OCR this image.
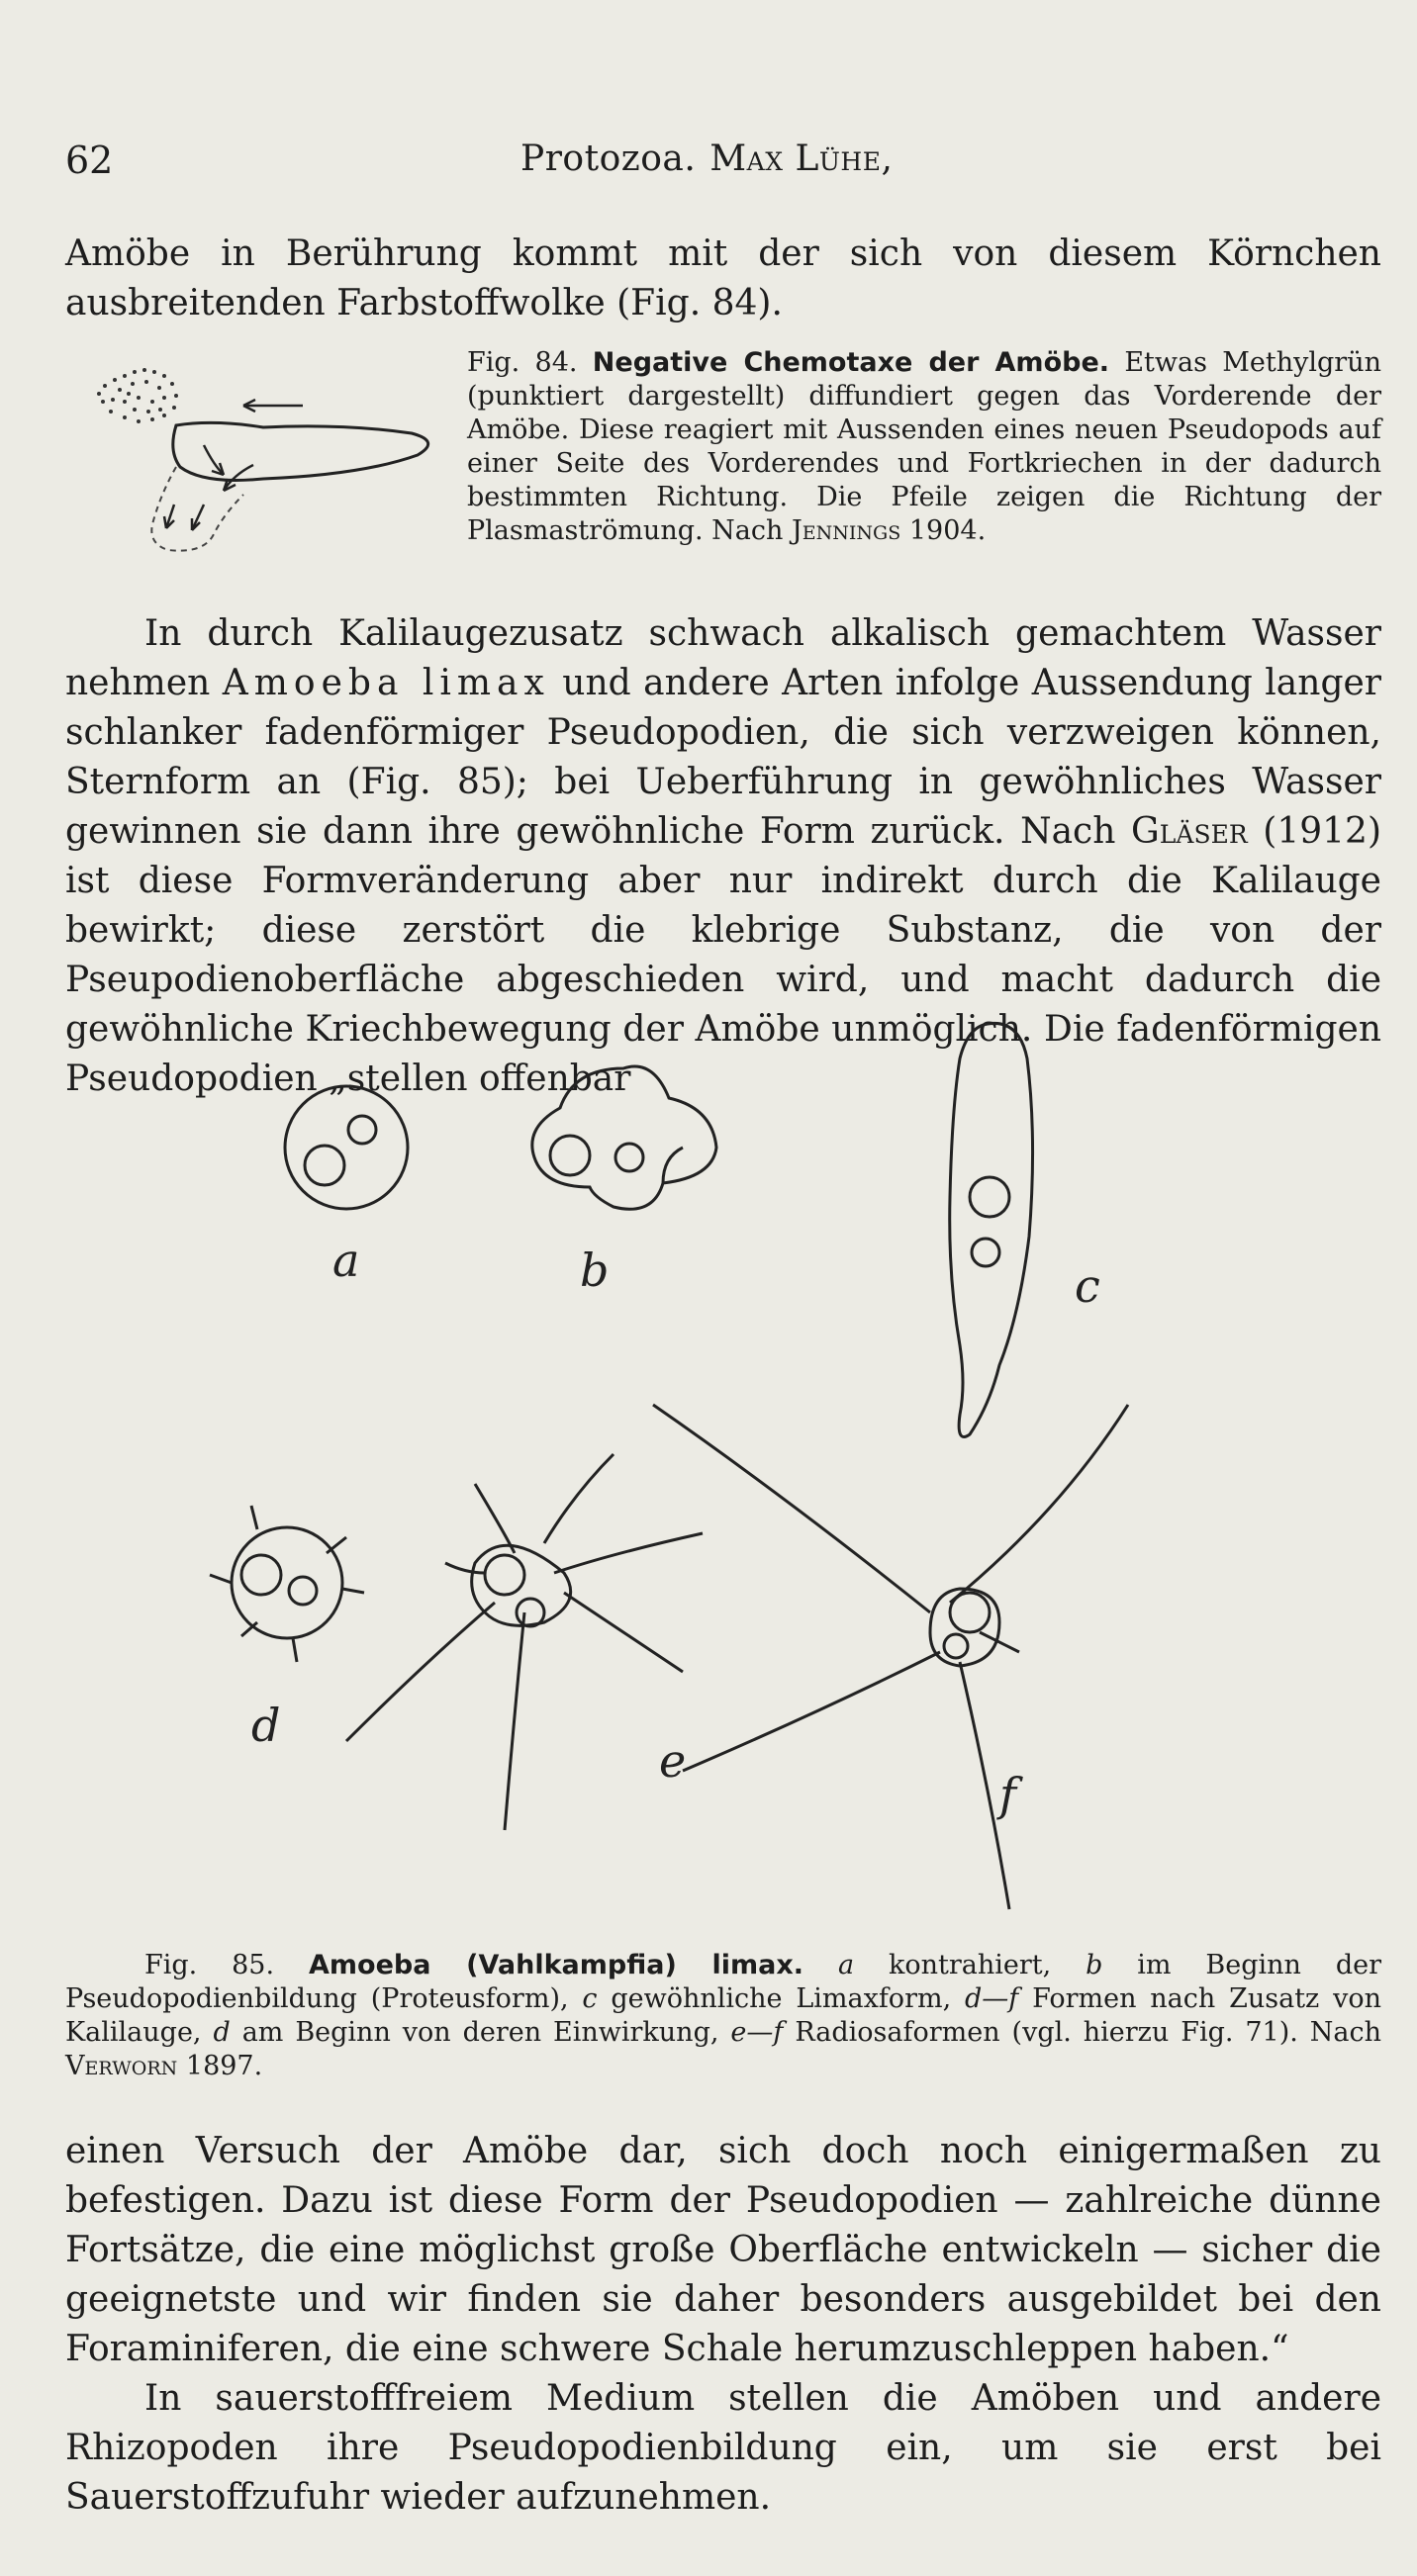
62	Protozoa. Max Lühe,

Amöbe in Berührung kommt mit der sich von diesem Körnchen ausbreitenden Farbstoffwolke (Fig. 84).

Fig. 84. Negative Chemotaxe der Amöbe. Etwas Methylgrün (punktiert dargestellt) diffundiert gegen das Vorderende der Amöbe. Diese reagiert mit Aussenden eines neuen Pseudopods auf einer Seite des Vorderendes und Fortkriechen in der dadurch bestimmten Richtung. Die Pfeile zeigen die Richtung der Plasmaströmung. Nach Jennings 1904.

In durch Kalilaugezusatz schwach alkalisch gemachtem Wasser nehmen Amoeba limax und andere Arten infolge Aussendung langer schlanker fadenförmiger Pseudopodien, die sich verzweigen können, Sternform an (Fig. 85); bei Ueberführung in gewöhnliches Wasser gewinnen sie dann ihre gewöhnliche Form zurück. Nach Gläser (1912) ist diese Formveränderung aber nur indirekt durch die Kalilauge bewirkt; diese zerstört die klebrige Substanz, die von der Pseupodienoberfläche abgeschieden wird, und macht dadurch die gewöhnliche Kriechbewegung der Amöbe unmöglich. Die fadenförmigen Pseudopodien „stellen offenbar

a	b	c
d
e
f
Fig. 85. Amoeba (Vahlkampfia) limax. a kontrahiert, b im Beginn der Pseudopodienbildung (Proteusform), c gewöhnliche Limaxform, d—f Formen nach Zusatz von Kalilauge, d am Beginn von deren Einwirkung, e—f Radiosaformen (vgl. hierzu Fig. 71). Nach Verworn 1897.

einen Versuch der Amöbe dar, sich doch noch einigermaßen zu befestigen. Dazu ist diese Form der Pseudopodien — zahlreiche dünne Fortsätze, die eine möglichst große Oberfläche entwickeln — sicher die geeignetste und wir finden sie daher besonders ausgebildet bei den Foraminiferen, die eine schwere Schale herumzuschleppen haben.“

In sauerstofffreiem Medium stellen die Amöben und andere Rhizopoden ihre Pseudopodienbildung ein, um sie erst bei Sauerstoffzufuhr wieder aufzunehmen.
